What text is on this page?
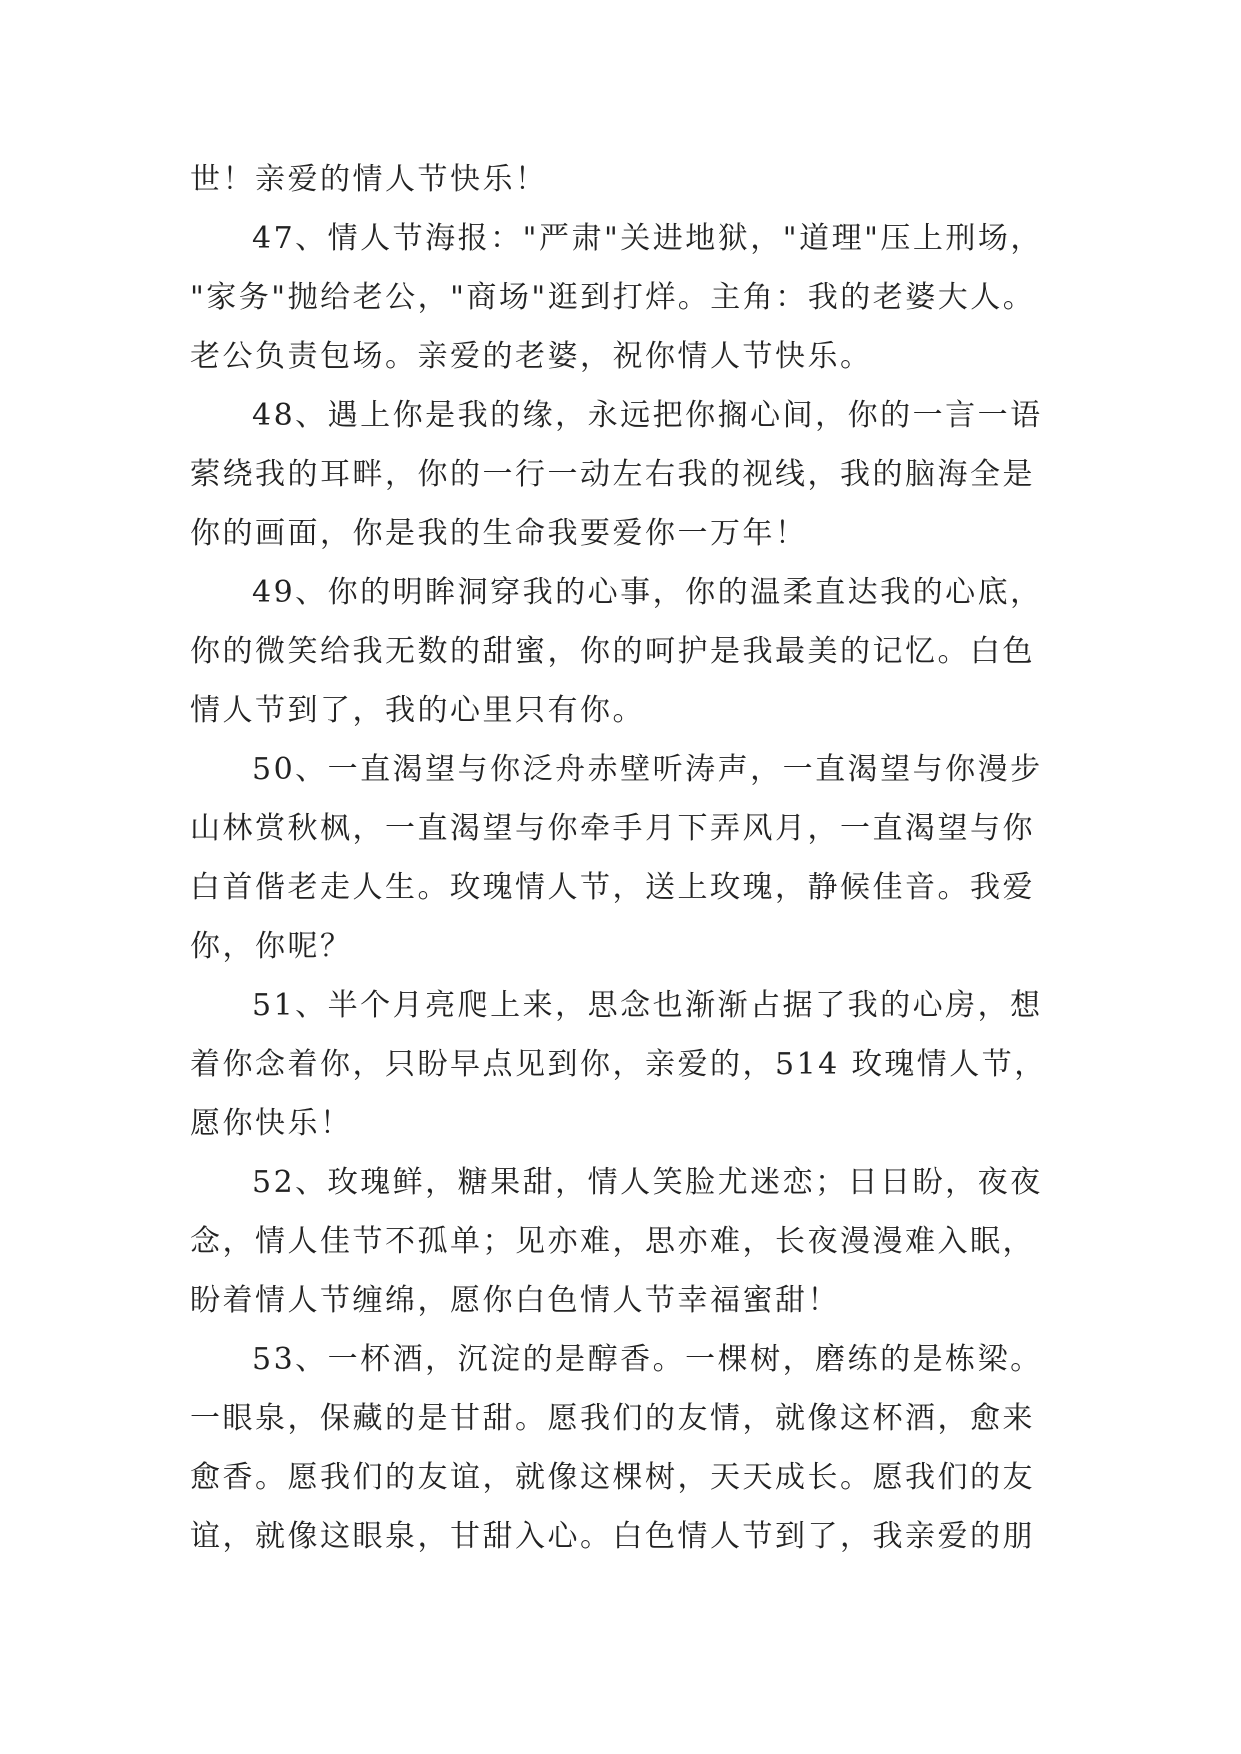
世！亲爱的情人节快乐！
47、情人节海报："严肃"关进地狱，"道理"压上刑场，
"家务"抛给老公，"商场"逛到打烊。主角：我的老婆大人。
老公负责包场。亲爱的老婆，祝你情人节快乐。
48、遇上你是我的缘，永远把你搁心间，你的一言一语
萦绕我的耳畔，你的一行一动左右我的视线，我的脑海全是
你的画面，你是我的生命我要爱你一万年！
49、你的明眸洞穿我的心事，你的温柔直达我的心底，
你的微笑给我无数的甜蜜，你的呵护是我最美的记忆。白色
情人节到了，我的心里只有你。
50、一直渴望与你泛舟赤壁听涛声，一直渴望与你漫步
山林赏秋枫，一直渴望与你牵手月下弄风月，一直渴望与你
白首偕老走人生。玫瑰情人节，送上玫瑰，静候佳音。我爱
你，你呢？
51、半个月亮爬上来，思念也渐渐占据了我的心房，想
着你念着你，只盼早点见到你，亲爱的，514 玫瑰情人节，
愿你快乐！
52、玫瑰鲜，糖果甜，情人笑脸尤迷恋；日日盼，夜夜
念，情人佳节不孤单；见亦难，思亦难，长夜漫漫难入眠，
盼着情人节缠绵，愿你白色情人节幸福蜜甜！
53、一杯酒，沉淀的是醇香。一棵树，磨练的是栋梁。
一眼泉，保藏的是甘甜。愿我们的友情，就像这杯酒，愈来
愈香。愿我们的友谊，就像这棵树，天天成长。愿我们的友
谊，就像这眼泉，甘甜入心。白色情人节到了，我亲爱的朋
